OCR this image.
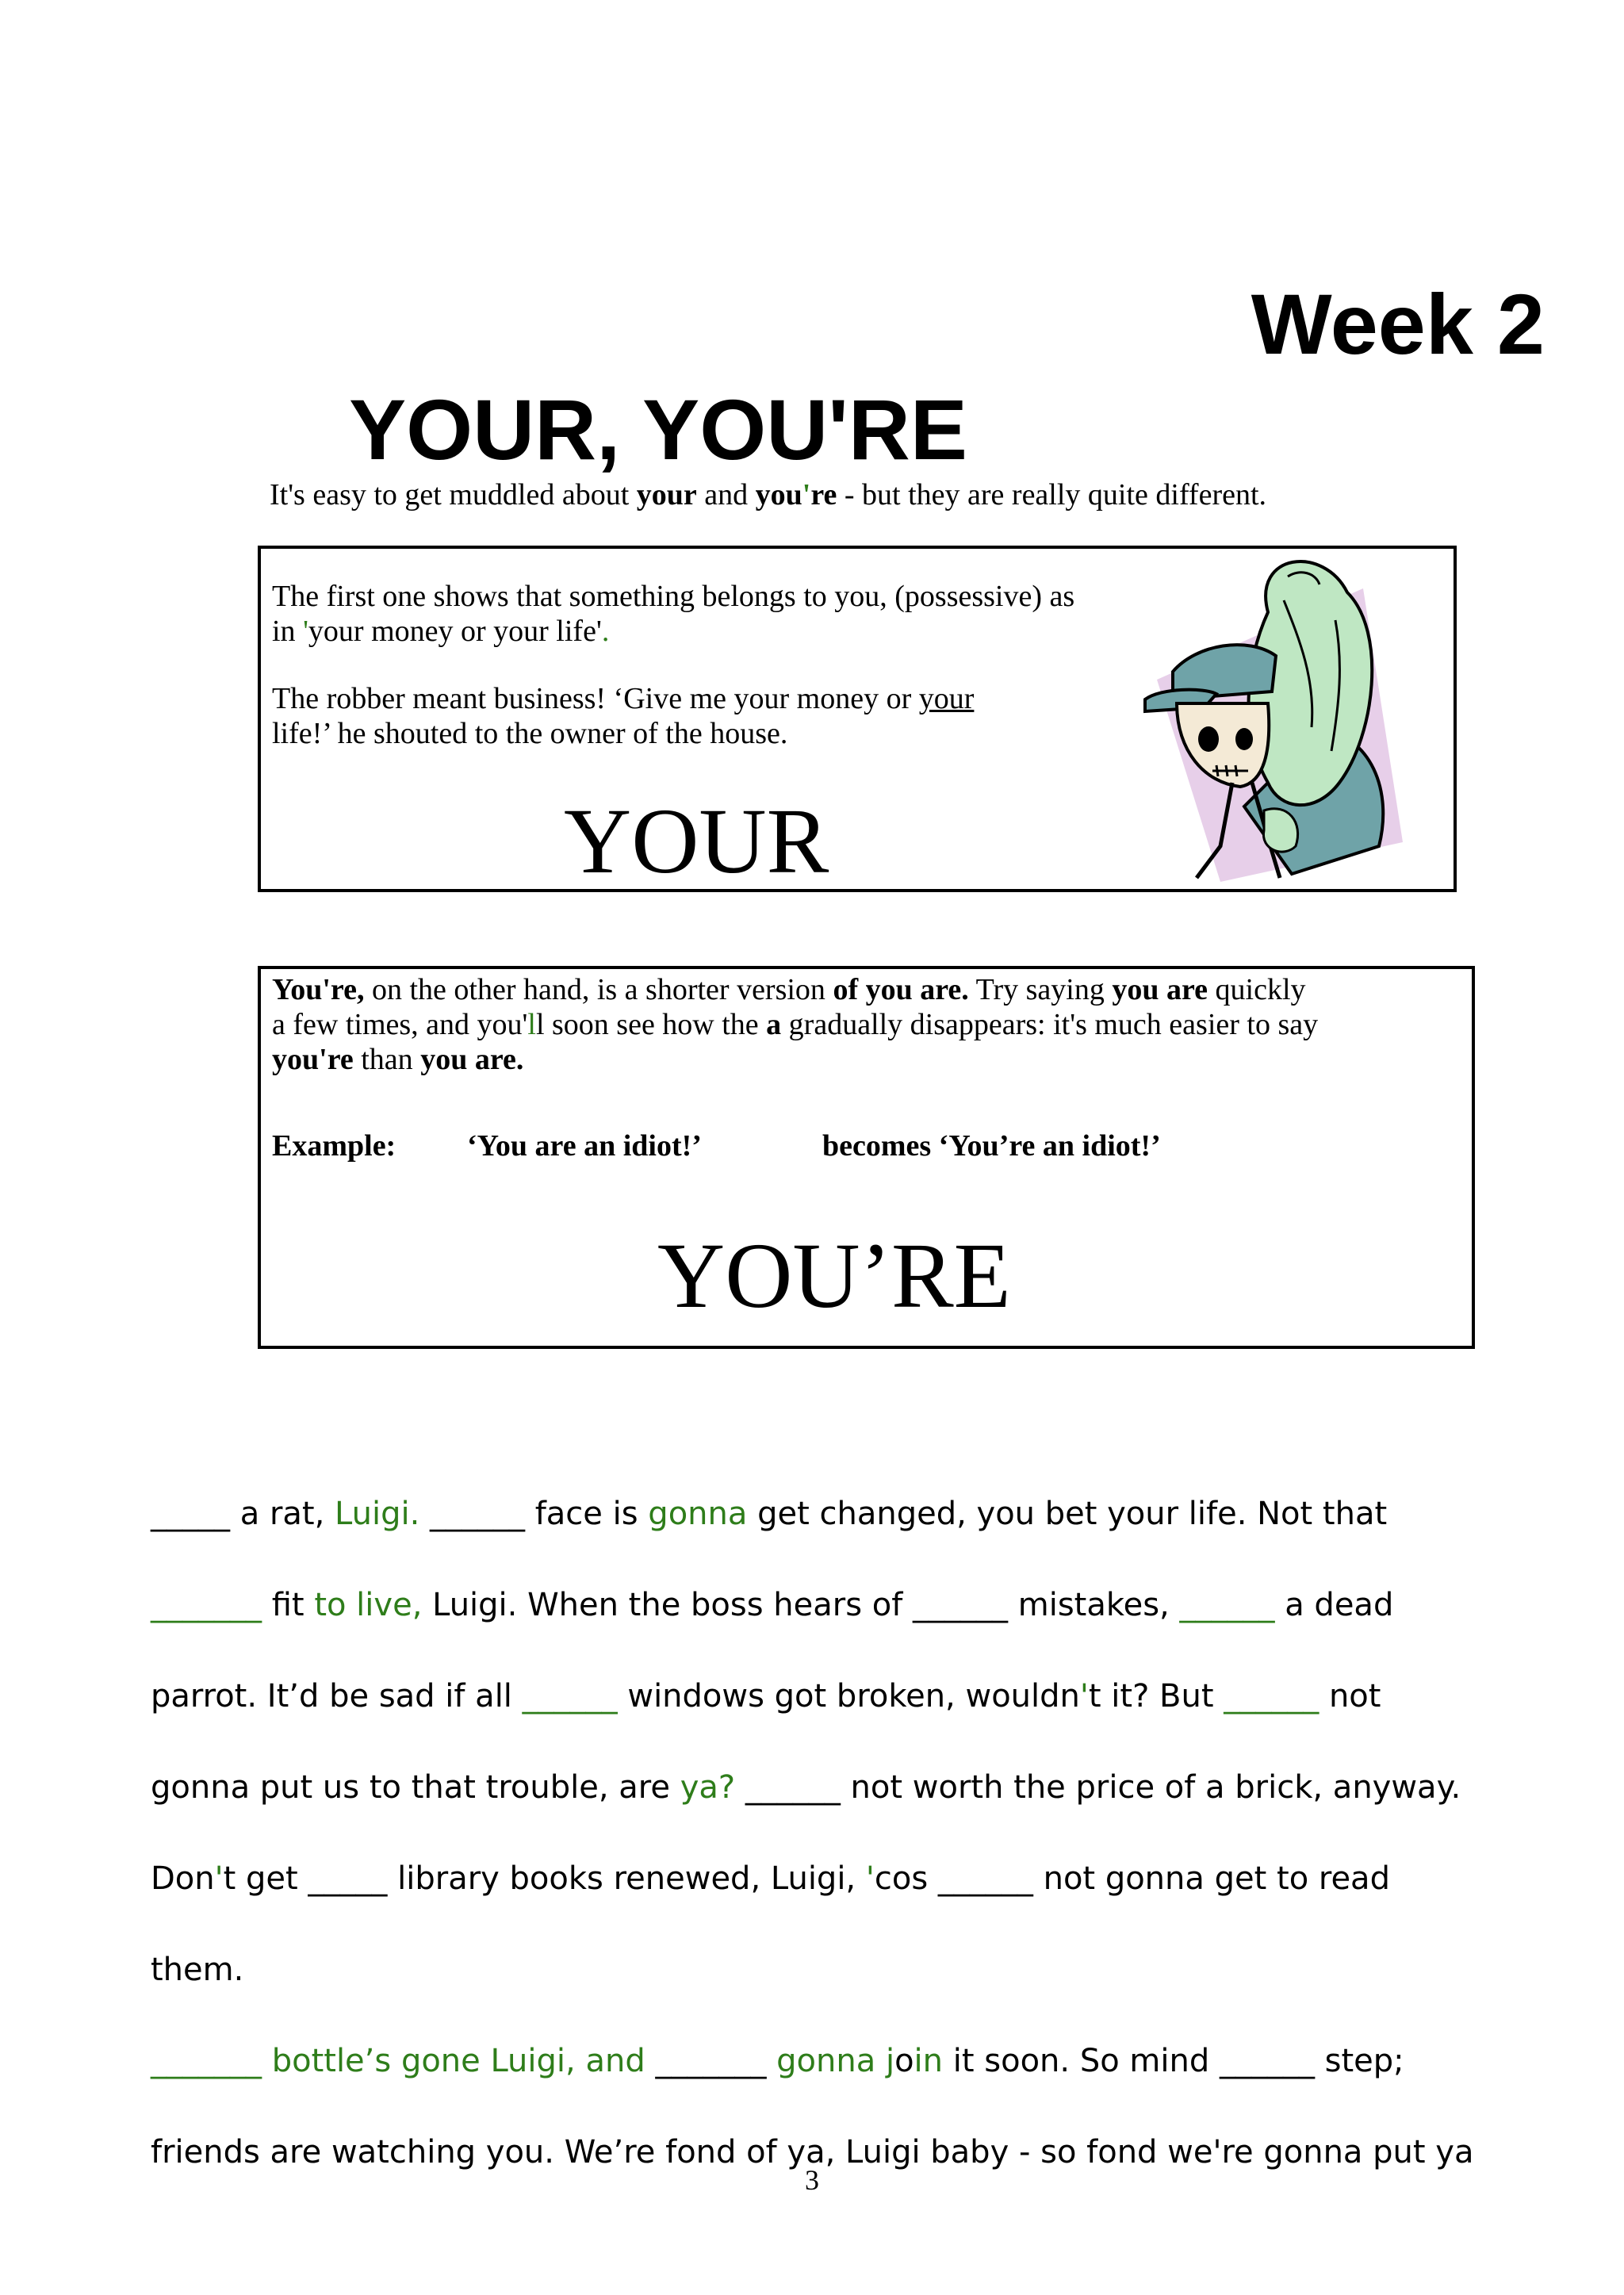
Week 2
YOUR, YOU'RE
It's easy to get muddled about your and you're - but they are really quite different.
The first one shows that something belongs to you, (possessive) as
in 'your money or your life'.
The robber meant business! ‘Give me your money or your
life!’ he shouted to the owner of the house.
YOUR
You're, on the other hand, is a shorter version of you are. Try saying you are quickly
a few times, and you'll soon see how the a gradually disappears: it's much easier to say
you're than you are.
Example: ‘You are an idiot!’	becomes ‘You’re an idiot!’
YOU’RE
_____ a rat, Luigi. ______ face is gonna get changed, you bet your life. Not that
_______ fit to live, Luigi. When the boss hears of ______ mistakes, ______ a dead
parrot. It’d be sad if all ______ windows got broken, wouldn't it? But ______ not
gonna put us to that trouble, are ya? ______ not worth the price of a brick, anyway.
Don't get _____ library books renewed, Luigi, 'cos ______ not gonna get to read
them.
_______ bottle’s gone Luigi, and _______ gonna join it soon. So mind ______ step;
friends are watching you. We’re fond of ya, Luigi baby - so fond we're gonna put ya
3
